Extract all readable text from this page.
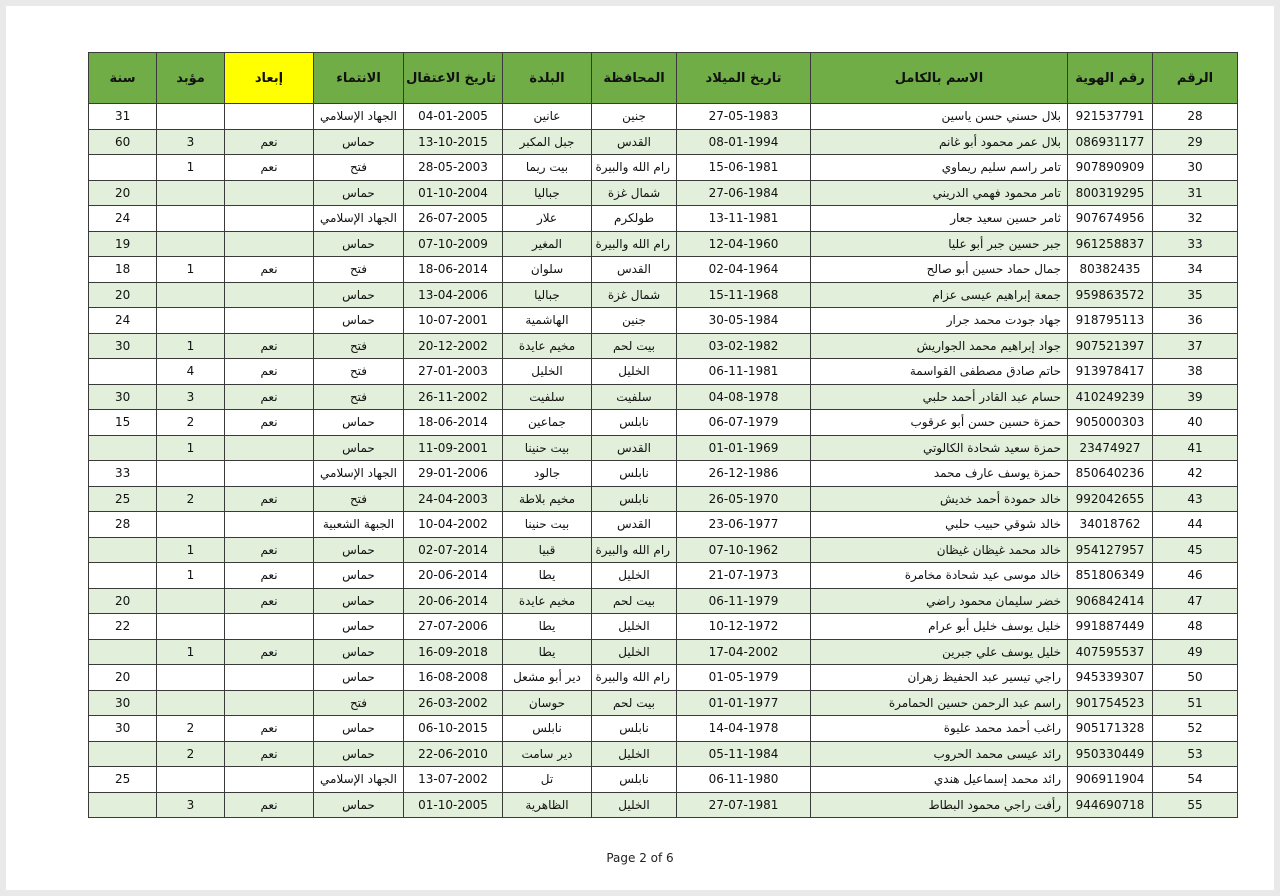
الرقم	رقم الهوية	الاسم بالكامل	تاريخ الميلاد	المحافظة	البلدة	تاريخ الاعتقال	الانتماء	إبعاد	مؤبد	سنة
28	921537791	بلال حسني حسن ياسين	27-05-1983	جنين	عانين	04-01-2005	الجهاد الإسلامي			31
29	086931177	بلال عمر محمود أبو غانم	08-01-1994	القدس	جبل المكبر	13-10-2015	حماس	نعم	3	60
30	907890909	تامر راسم سليم ريماوي	15-06-1981	رام الله والبيرة	بيت ريما	28-05-2003	فتح	نعم	1	
31	800319295	تامر محمود فهمي الدريني	27-06-1984	شمال غزة	جباليا	01-10-2004	حماس			20
32	907674956	ثامر حسين سعيد جعار	13-11-1981	طولكرم	علار	26-07-2005	الجهاد الإسلامي			24
33	961258837	جبر حسين جبر أبو عليا	12-04-1960	رام الله والبيرة	المغير	07-10-2009	حماس			19
34	80382435	جمال حماد حسين أبو صالح	02-04-1964	القدس	سلوان	18-06-2014	فتح	نعم	1	18
35	959863572	جمعة إبراهيم عيسى عزام	15-11-1968	شمال غزة	جباليا	13-04-2006	حماس			20
36	918795113	جهاد جودت محمد جرار	30-05-1984	جنين	الهاشمية	10-07-2001	حماس			24
37	907521397	جواد إبراهيم محمد الجواريش	03-02-1982	بيت لحم	مخيم عايدة	20-12-2002	فتح	نعم	1	30
38	913978417	حاتم صادق مصطفى القواسمة	06-11-1981	الخليل	الخليل	27-01-2003	فتح	نعم	4	
39	410249239	حسام عبد القادر أحمد حلبي	04-08-1978	سلفيت	سلفيت	26-11-2002	فتح	نعم	3	30
40	905000303	حمزة حسين حسن أبو عرقوب	06-07-1979	نابلس	جماعين	18-06-2014	حماس	نعم	2	15
41	23474927	حمزة سعيد شحادة الكالوتي	01-01-1969	القدس	بيت حنينا	11-09-2001	حماس		1	
42	850640236	حمزة يوسف عارف محمد	26-12-1986	نابلس	جالود	29-01-2006	الجهاد الإسلامي			33
43	992042655	خالد حمودة أحمد خديش	26-05-1970	نابلس	مخيم بلاطة	24-04-2003	فتح	نعم	2	25
44	34018762	خالد شوقي حبيب حلبي	23-06-1977	القدس	بيت حنينا	10-04-2002	الجبهة الشعبية			28
45	954127957	خالد محمد غيظان غيظان	07-10-1962	رام الله والبيرة	قبيا	02-07-2014	حماس	نعم	1	
46	851806349	خالد موسى عيد شحادة مخامرة	21-07-1973	الخليل	يطا	20-06-2014	حماس	نعم	1	
47	906842414	خضر سليمان محمود راضي	06-11-1979	بيت لحم	مخيم عايدة	20-06-2014	حماس	نعم		20
48	991887449	خليل يوسف خليل أبو عرام	10-12-1972	الخليل	يطا	27-07-2006	حماس			22
49	407595537	خليل يوسف علي جبرين	17-04-2002	الخليل	يطا	16-09-2018	حماس	نعم	1	
50	945339307	راجي تيسير عبد الحفيظ زهران	01-05-1979	رام الله والبيرة	دير أبو مشعل	16-08-2008	حماس			20
51	901754523	راسم عبد الرحمن حسين الحمامرة	01-01-1977	بيت لحم	حوسان	26-03-2002	فتح			30
52	905171328	راغب أحمد محمد عليوة	14-04-1978	نابلس	نابلس	06-10-2015	حماس	نعم	2	30
53	950330449	رائد عيسى محمد الحروب	05-11-1984	الخليل	دير سامت	22-06-2010	حماس	نعم	2	
54	906911904	رائد محمد إسماعيل هندي	06-11-1980	نابلس	تل	13-07-2002	الجهاد الإسلامي			25
55	944690718	رأفت راجي محمود البطاط	27-07-1981	الخليل	الظاهرية	01-10-2005	حماس	نعم	3	
Page 2 of 6
